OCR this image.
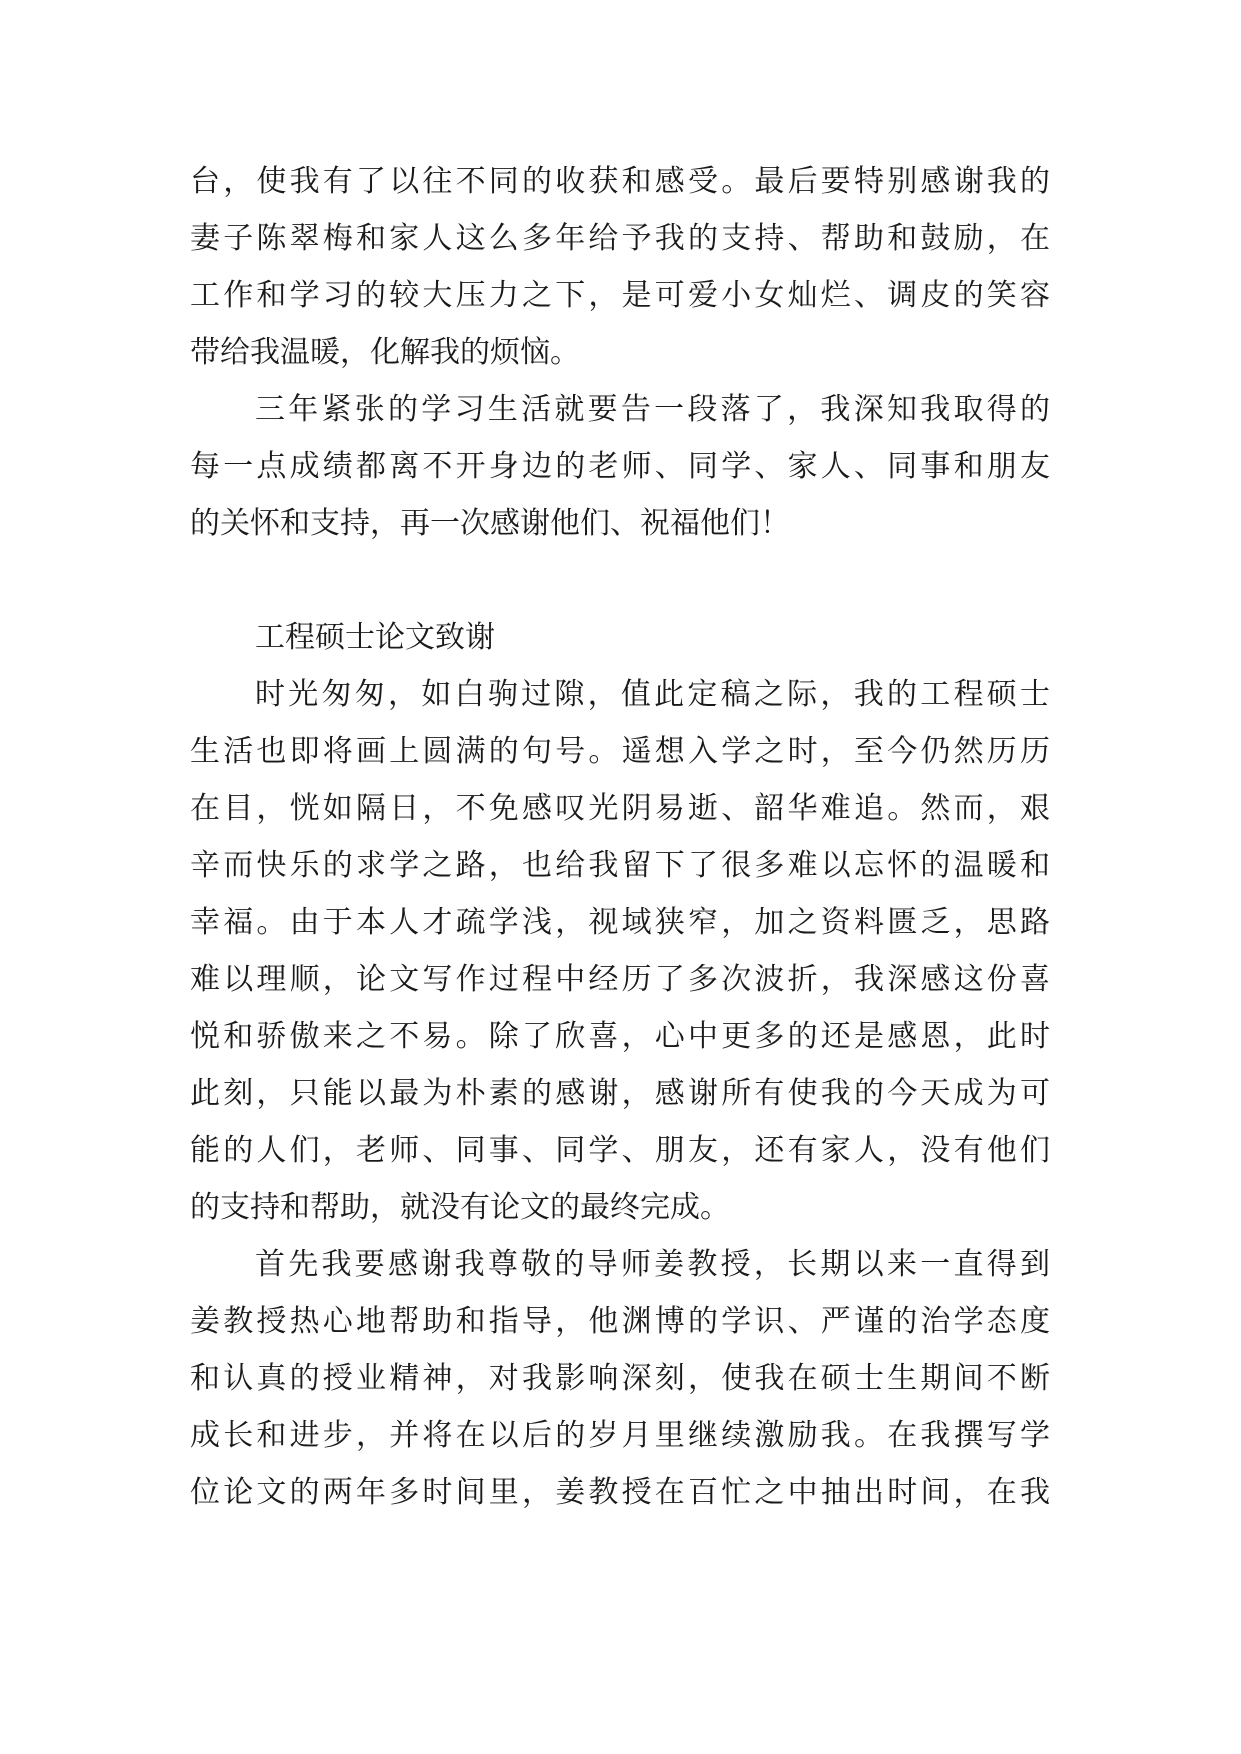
台，使我有了以往不同的收获和感受。最后要特别感谢我的
妻子陈翠梅和家人这么多年给予我的支持、帮助和鼓励，在
工作和学习的较大压力之下，是可爱小女灿烂、调皮的笑容
带给我温暖，化解我的烦恼。
三年紧张的学习生活就要告一段落了，我深知我取得的
每一点成绩都离不开身边的老师、同学、家人、同事和朋友
的关怀和支持，再一次感谢他们、祝福他们！
工程硕士论文致谢
时光匆匆，如白驹过隙，值此定稿之际，我的工程硕士
生活也即将画上圆满的句号。遥想入学之时，至今仍然历历
在目，恍如隔日，不免感叹光阴易逝、韶华难追。然而，艰
辛而快乐的求学之路，也给我留下了很多难以忘怀的温暖和
幸福。由于本人才疏学浅，视域狭窄，加之资料匮乏，思路
难以理顺，论文写作过程中经历了多次波折，我深感这份喜
悦和骄傲来之不易。除了欣喜，心中更多的还是感恩，此时
此刻，只能以最为朴素的感谢，感谢所有使我的今天成为可
能的人们，老师、同事、同学、朋友，还有家人，没有他们
的支持和帮助，就没有论文的最终完成。
首先我要感谢我尊敬的导师姜教授，长期以来一直得到
姜教授热心地帮助和指导，他渊博的学识、严谨的治学态度
和认真的授业精神，对我影响深刻，使我在硕士生期间不断
成长和进步，并将在以后的岁月里继续激励我。在我撰写学
位论文的两年多时间里，姜教授在百忙之中抽出时间，在我
